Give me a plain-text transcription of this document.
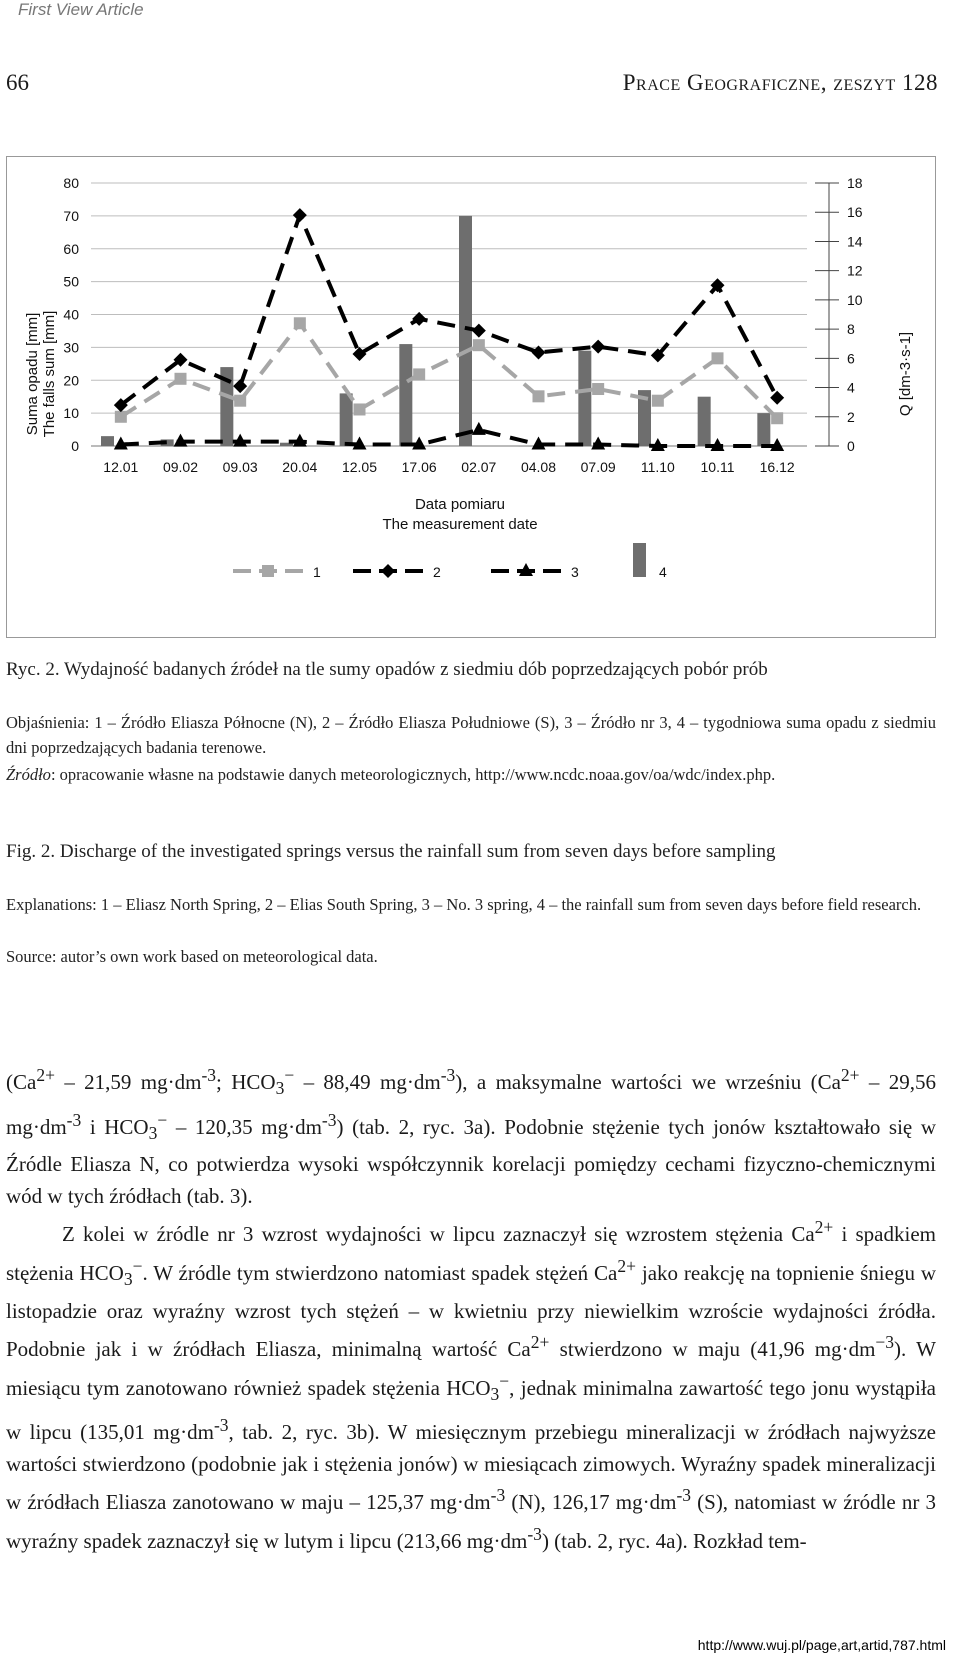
First View Article
66	Prace Geograficzne, zeszyt 128
Suma opadu [mm] The falls sum [mm]	Q [dm-3·s-1]
Data pomiaru
The measurement date
0
10
20
30
40
50
60
70
80
0
2
4
6
8
10
12
14
16
18
12.01 09.02 09.03 20.04 12.05 17.06 02.07 04.08 07.09 11.10 10.11 16.12
1	2	3	4
Ryc. 2. Wydajność badanych źródeł na tle sumy opadów z siedmiu dób poprzedzających pobór prób
Objaśnienia: 1 – Źródło Eliasza Północne (N), 2 – Źródło Eliasza Południowe (S), 3 – Źródło nr 3, 4 – tygodniowa suma opadu z siedmiu dni poprzedzających badania terenowe.
Źródło: opracowanie własne na podstawie danych meteorologicznych, http://www.ncdc.noaa.gov/oa/wdc/index.php.
Fig. 2. Discharge of the investigated springs versus the rainfall sum from seven days before sampling
Explanations: 1 – Eliasz North Spring, 2 – Elias South Spring, 3 – No. 3 spring, 4 – the rainfall sum from seven days before field research.
Source: autor’s own work based on meteorological data.

($Ca^{2+} - 21,59$ $mg\cdot dm^{-3}$; $HCO_3^- - 88,49$ $mg\cdot dm^{-3}$), a maksymalne wartości we wrześniu ($Ca^{2+} - 29,56$ $mg\cdot dm^{-3}$ i $HCO_3^- - 120,35$ $mg\cdot dm^{-3}$) (tab. 2, ryc. 3a). Podobnie stężenie tych jonów kształtowało się w Źródle Eliasza N, co potwierdza wysoki współczynnik korelacji pomiędzy cechami fizyczno-chemicznymi wód w tych źródłach (tab. 3).

Z kolei w źródle nr 3 wzrost wydajności w lipcu zaznaczył się wzrostem stężenia $Ca^{2+}$ i spadkiem stężenia $HCO_3^-$. W źródle tym stwierdzono natomiast spadek stężeń $Ca^{2+}$ jako reakcję na topnienie śniegu w listopadzie oraz wyraźny wzrost tych stężeń – w kwietniu przy niewielkim wzroście wydajności źródła. Podobnie jak i w źródłach Eliasza, minimalną wartość $Ca^{2+}$ stwierdzono w maju (41,96 $mg\cdot dm^{-3}$). W miesiącu tym zanotowano również spadek stężenia $HCO_3^-$, jednak minimalna zawartość tego jonu wystąpiła w lipcu (135,01 $mg\cdot dm^{-3}$, tab. 2, ryc. 3b). W miesięcznym przebiegu mineralizacji w źródłach najwyższe wartości stwierdzono (podobnie jak i stężenia jonów) w miesiącach zimowych. Wyraźny spadek mineralizacji w źródłach Eliasza zanotowano w maju – 125,37 $mg\cdot dm^{-3}$ (N), 126,17 $mg\cdot dm^{-3}$ (S), natomiast w źródle nr 3 wyraźny spadek zaznaczył się w lutym i lipcu (213,66 $mg\cdot dm^{-3}$) (tab. 2, ryc. 4a). Rozkład tem-

http://www.wuj.pl/page,art,artid,787.html
